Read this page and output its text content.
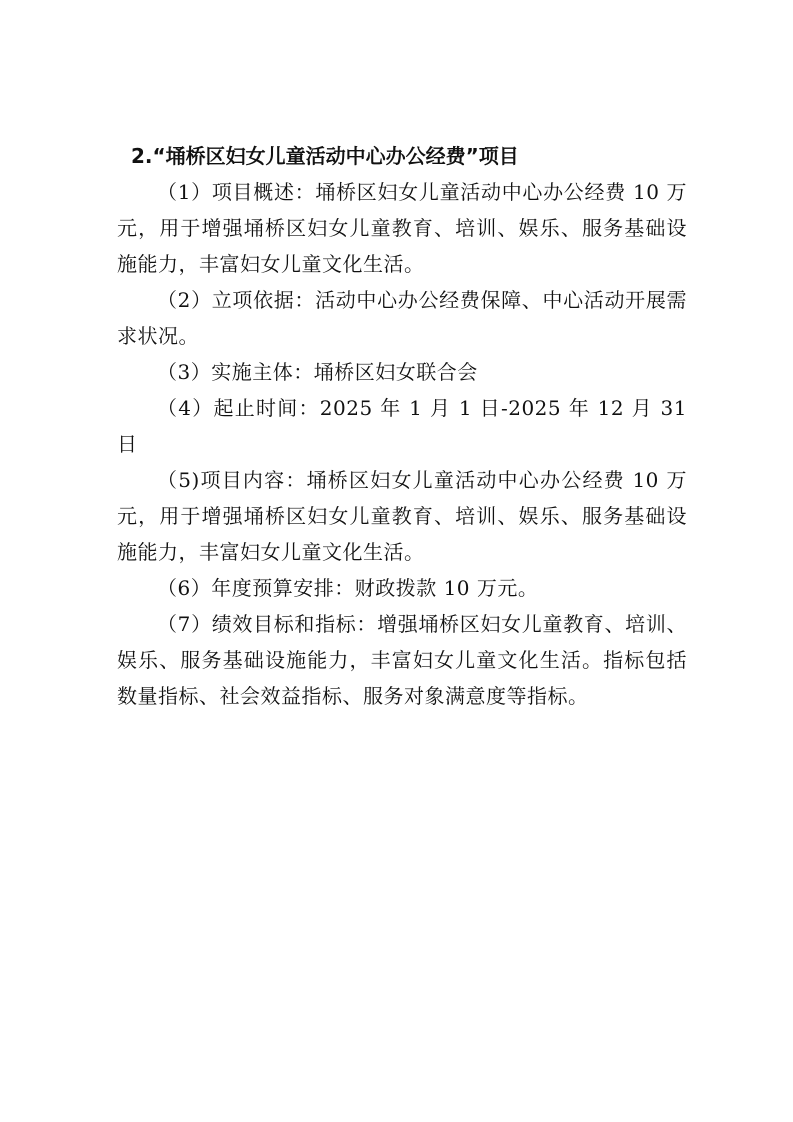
2.“埇桥区妇女儿童活动中心办公经费”项目

（1）项目概述：埇桥区妇女儿童活动中心办公经费 10 万元，用于增强埇桥区妇女儿童教育、培训、娱乐、服务基础设施能力，丰富妇女儿童文化生活。

（2）立项依据：活动中心办公经费保障、中心活动开展需求状况。

（3）实施主体：埇桥区妇女联合会

（4）起止时间：2025 年 1 月 1 日-2025 年 12 月 31 日

（5)项目内容：埇桥区妇女儿童活动中心办公经费 10 万元，用于增强埇桥区妇女儿童教育、培训、娱乐、服务基础设施能力，丰富妇女儿童文化生活。

（6）年度预算安排：财政拨款 10 万元。

（7）绩效目标和指标：增强埇桥区妇女儿童教育、培训、娱乐、服务基础设施能力，丰富妇女儿童文化生活。指标包括数量指标、社会效益指标、服务对象满意度等指标。
